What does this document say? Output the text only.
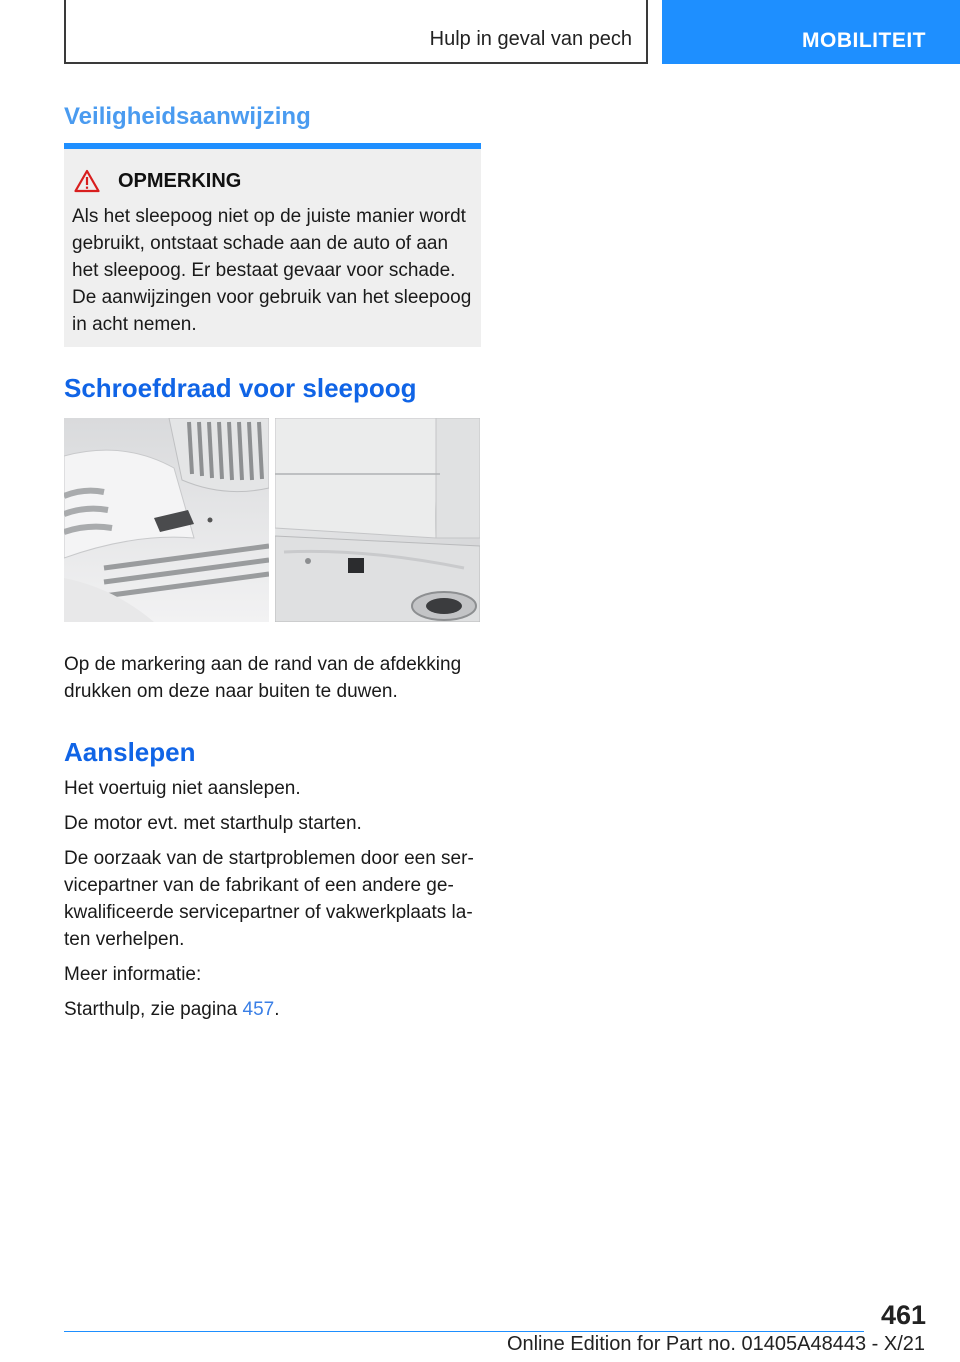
Hulp in geval van pech	MOBILITEIT
Veiligheidsaanwijzing
OPMERKING
Als het sleepoog niet op de juiste manier wordt gebruikt, ontstaat schade aan de auto of aan het sleepoog. Er bestaat gevaar voor schade. De aanwijzingen voor gebruik van het sleepoog in acht nemen.
Schroefdraad voor sleepoog
Op de markering aan de rand van de afdekking drukken om deze naar buiten te duwen.
Aanslepen

Het voertuig niet aanslepen.

De motor evt. met starthulp starten.

De oorzaak van de startproblemen door een servicepartner van de fabrikant of een andere gekwalificeerde servicepartner of vakwerkplaats laten verhelpen.

Meer informatie:

Starthulp, zie pagina 457.

461
Online Edition for Part no. 01405A48443 - X/21
